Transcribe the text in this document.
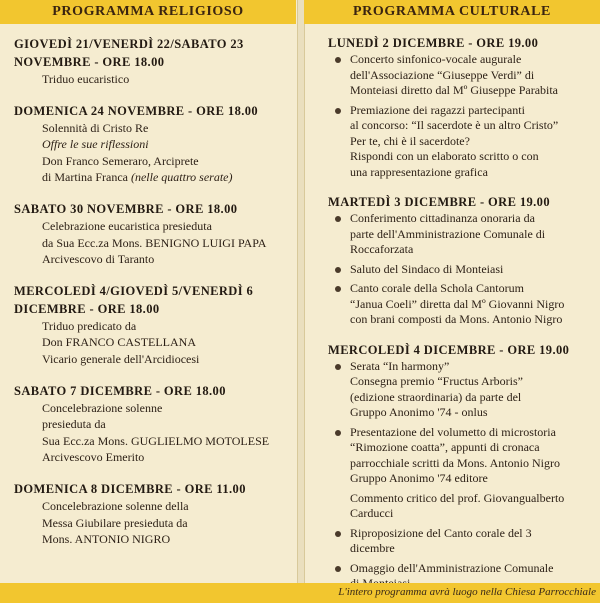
PROGRAMMA RELIGIOSO
GIOVEDÌ 21/VENERDÌ 22/SABATO 23
NOVEMBRE - ORE 18.00
Triduo eucaristico
DOMENICA 24 NOVEMBRE - ORE 18.00
Solennità di Cristo Re
Offre le sue riflessioni
Don Franco Semeraro, Arciprete
di Martina Franca (nelle quattro serate)
SABATO 30 NOVEMBRE - ORE 18.00
Celebrazione eucaristica presieduta
da Sua Ecc.za Mons. BENIGNO LUIGI PAPA
Arcivescovo di Taranto
MERCOLEDÌ 4/GIOVEDÌ 5/VENERDÌ 6
DICEMBRE - ORE 18.00
Triduo predicato da
Don FRANCO CASTELLANA
Vicario generale dell'Arcidiocesi
SABATO 7 DICEMBRE - ORE 18.00
Concelebrazione solenne
presieduta da
Sua Ecc.za Mons. GUGLIELMO MOTOLESE
Arcivescovo Emerito
DOMENICA 8 DICEMBRE - ORE 11.00
Concelebrazione solenne della
Messa Giubilare presieduta da
Mons. ANTONIO NIGRO
PROGRAMMA CULTURALE
LUNEDÌ 2 DICEMBRE - ORE 19.00
Concerto sinfonico-vocale augurale
dell'Associazione “Giuseppe Verdi” di
Monteiasi diretto dal Mº Giuseppe Parabita
Premiazione dei ragazzi partecipanti
al concorso: “Il sacerdote è un altro Cristo”
Per te, chi è il sacerdote?
Rispondi con un elaborato scritto o con
una rappresentazione grafica
MARTEDÌ 3 DICEMBRE - ORE 19.00
Conferimento cittadinanza onoraria da
parte dell'Amministrazione Comunale di
Roccaforzata
Saluto del Sindaco di Monteiasi
Canto corale della Schola Cantorum
“Janua Coeli” diretta dal Mº Giovanni Nigro
con brani composti da Mons. Antonio Nigro
MERCOLEDÌ 4 DICEMBRE - ORE 19.00
Serata “In harmony”
Consegna premio “Fructus Arboris”
(edizione straordinaria) da parte del
Gruppo Anonimo '74 - onlus
Presentazione del volumetto di microstoria
“Rimozione coatta”, appunti di cronaca
parrocchiale scritti da Mons. Antonio Nigro
Gruppo Anonimo '74 editore
Commento critico del prof. Giovangualberto
Carducci
Riproposizione del Canto corale del 3
dicembre
Omaggio dell'Amministrazione Comunale
L'intero programma avrà luogo nella Chiesa Parrocchiale
